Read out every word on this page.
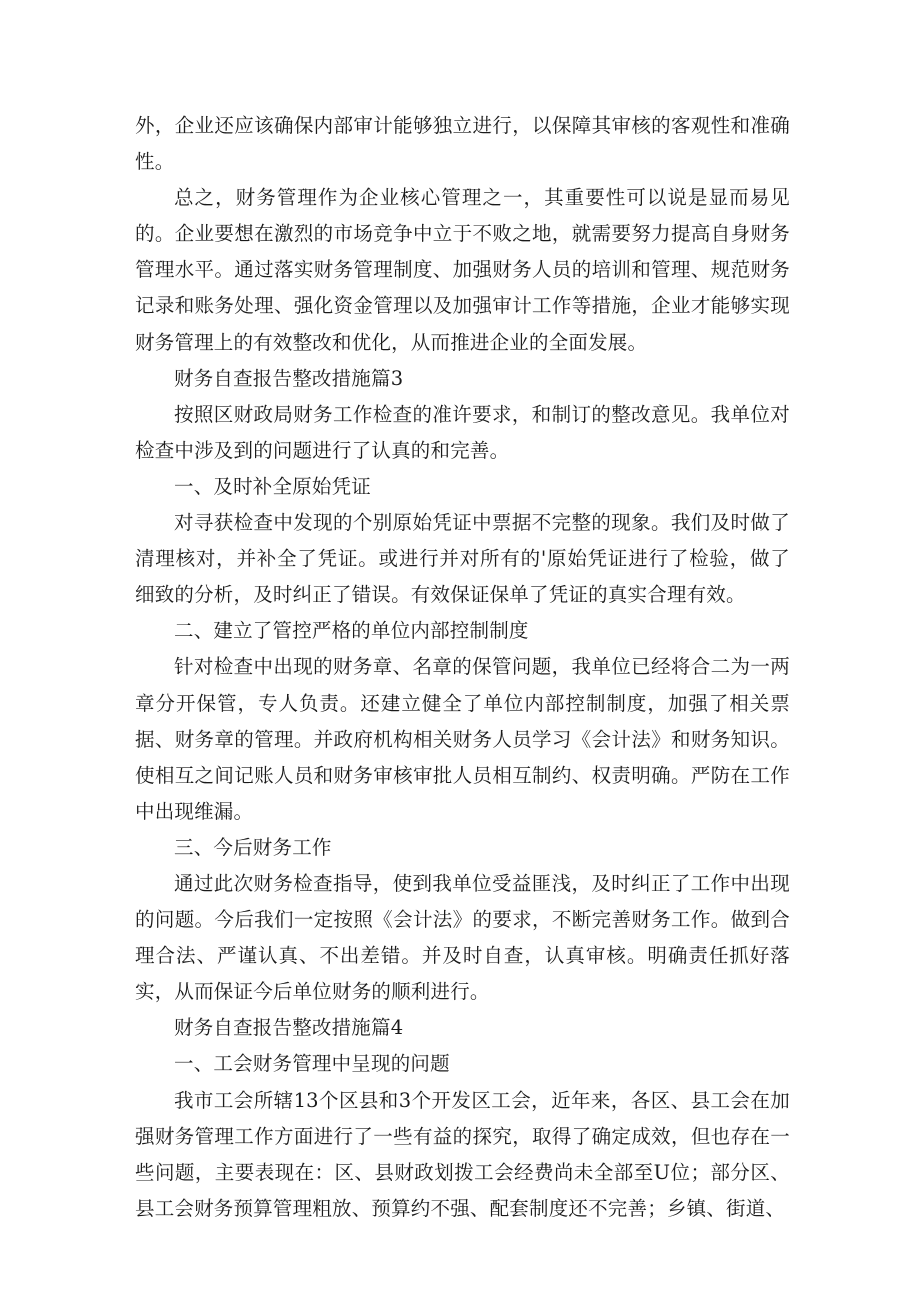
外，企业还应该确保内部审计能够独立进行，以保障其审核的客观性和准确性。

总之，财务管理作为企业核心管理之一，其重要性可以说是显而易见的。企业要想在激烈的市场竞争中立于不败之地，就需要努力提高自身财务管理水平。通过落实财务管理制度、加强财务人员的培训和管理、规范财务记录和账务处理、强化资金管理以及加强审计工作等措施，企业才能够实现财务管理上的有效整改和优化，从而推进企业的全面发展。

财务自查报告整改措施篇3

按照区财政局财务工作检查的准许要求，和制订的整改意见。我单位对检查中涉及到的问题进行了认真的和完善。

一、及时补全原始凭证

对寻获检查中发现的个别原始凭证中票据不完整的现象。我们及时做了清理核对，并补全了凭证。或进行并对所有的'原始凭证进行了检验，做了细致的分析，及时纠正了错误。有效保证保单了凭证的真实合理有效。

二、建立了管控严格的单位内部控制制度

针对检查中出现的财务章、名章的保管问题，我单位已经将合二为一两章分开保管，专人负责。还建立健全了单位内部控制制度，加强了相关票据、财务章的管理。并政府机构相关财务人员学习《会计法》和财务知识。使相互之间记账人员和财务审核审批人员相互制约、权责明确。严防在工作中出现维漏。

三、今后财务工作

通过此次财务检查指导，使到我单位受益匪浅，及时纠正了工作中出现的问题。今后我们一定按照《会计法》的要求，不断完善财务工作。做到合理合法、严谨认真、不出差错。并及时自查，认真审核。明确责任抓好落实，从而保证今后单位财务的顺利进行。

财务自查报告整改措施篇4

一、工会财务管理中呈现的问题

我市工会所辖13个区县和3个开发区工会，近年来，各区、县工会在加强财务管理工作方面进行了一些有益的探究，取得了确定成效，但也存在一些问题，主要表现在：区、县财政划拨工会经费尚未全部至U位；部分区、县工会财务预算管理粗放、预算约不强、配套制度还不完善；乡镇、街道、
